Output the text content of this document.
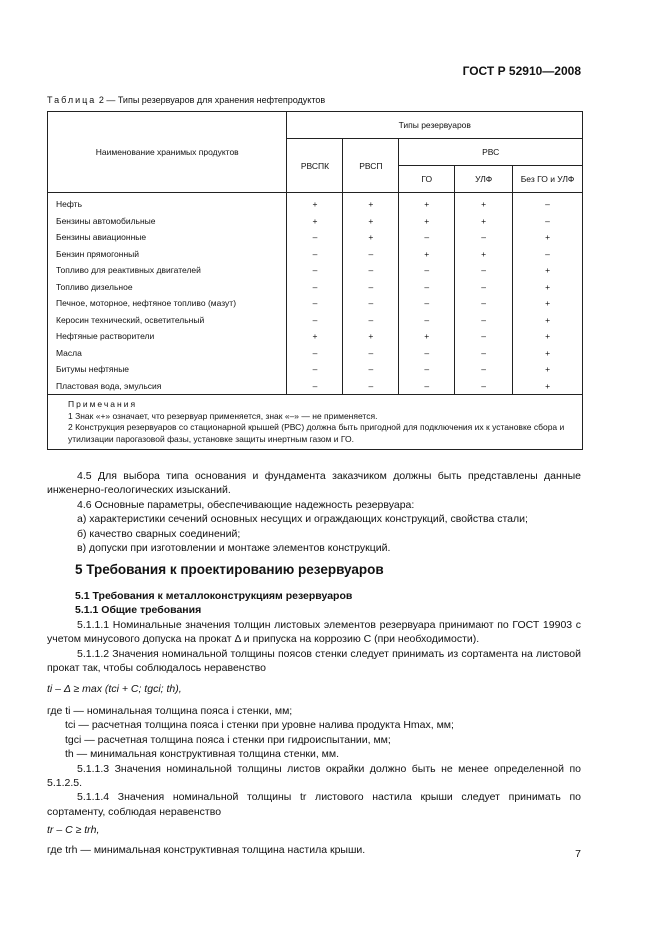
ГОСТ Р 52910—2008
Таблица 2 — Типы резервуаров для хранения нефтепродуктов
Наименование хранимых продуктов	Типы резервуаров				
	РВСПК	РВСП	РВС		
			ГО	УЛФ	Без ГО и УЛФ
Нефть	+	+	+	+	–
Бензины автомобильные	+	+	+	+	–
Бензины авиационные	–	+	–	–	+
Бензин прямогонный	–	–	+	+	–
Топливо для реактивных двигателей	–	–	–	–	+
Топливо дизельное	–	–	–	–	+
Печное, моторное, нефтяное топливо (мазут)	–	–	–	–	+
Керосин технический, осветительный	–	–	–	–	+
Нефтяные растворители	+	+	+	–	+
Масла	–	–	–	–	+
Битумы нефтяные	–	–	–	–	+
Пластовая вода, эмульсия	–	–	–	–	+

Примечания
1 Знак «+» означает, что резервуар применяется, знак «–» — не применяется.
2 Конструкция резервуаров со стационарной крышей (РВС) должна быть пригодной для подключения их к установке сбора и утилизации парогазовой фазы, установке защиты инертным газом и ГО.					

4.5 Для выбора типа основания и фундамента заказчиком должны быть представлены данные инженерно-геологических изысканий.

4.6 Основные параметры, обеспечивающие надежность резервуара:

а) характеристики сечений основных несущих и ограждающих конструкций, свойства стали;

б) качество сварных соединений;

в) допуски при изготовлении и монтаже элементов конструкций.

5 Требования к проектированию резервуаров
5.1 Требования к металлоконструкциям резервуаров
5.1.1 Общие требования

5.1.1.1 Номинальные значения толщин листовых элементов резервуара принимают по ГОСТ 19903 с учетом минусового допуска на прокат Δ и припуска на коррозию C (при необходимости).

5.1.1.2 Значения номинальной толщины поясов стенки следует принимать из сортамента на листовой прокат так, чтобы соблюдалось неравенство

ti – Δ ≥ max (tci + C; tgci; th),

где ti — номинальная толщина пояса i стенки, мм;

tci — расчетная толщина пояса i стенки при уровне налива продукта Hmax, мм;

tgci — расчетная толщина пояса i стенки при гидроиспытании, мм;

th — минимальная конструктивная толщина стенки, мм.

5.1.1.3 Значения номинальной толщины листов окрайки должно быть не менее определенной по 5.1.2.5.

5.1.1.4 Значения номинальной толщины tr листового настила крыши следует принимать по сортаменту, соблюдая неравенство

tr – C ≥ trh,

где trh — минимальная конструктивная толщина настила крыши.	7
